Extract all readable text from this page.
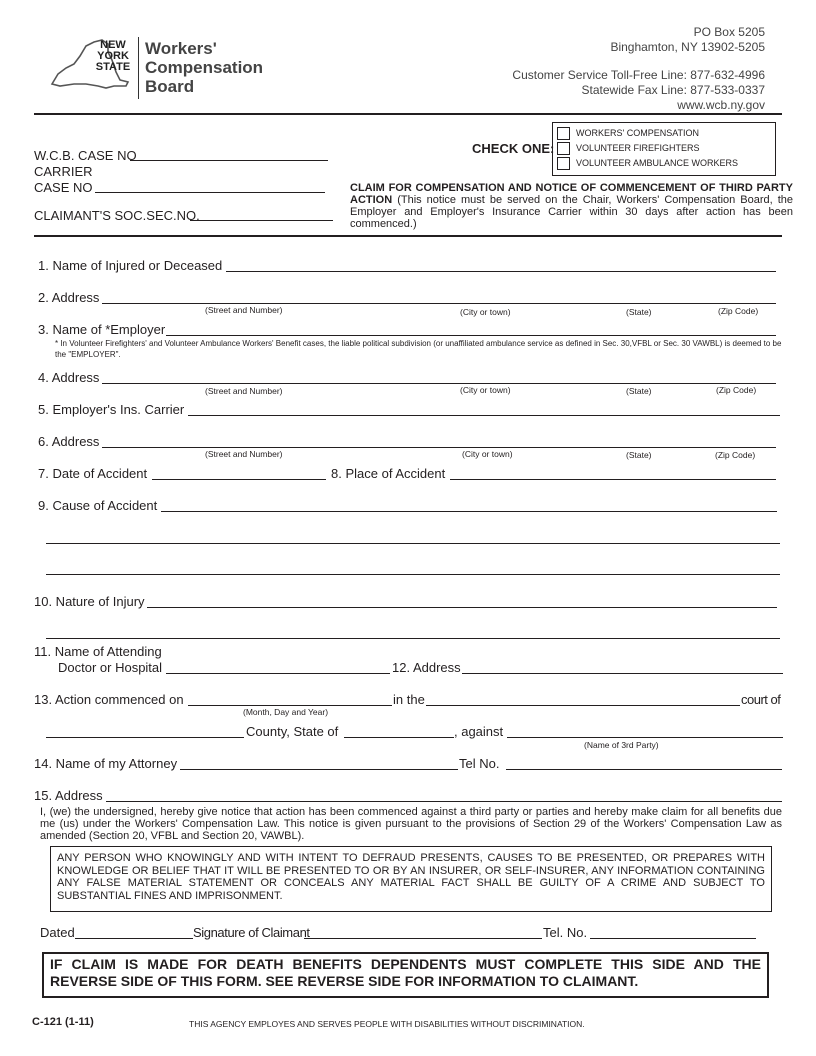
NEW
YORK
STATE
Workers'
Compensation
Board
PO Box 5205
Binghamton, NY 13902-5205
Customer Service Toll-Free Line: 877-632-4996
Statewide Fax Line: 877-533-0337
www.wcb.ny.gov
W.C.B. CASE NO
CARRIER
CASE NO
CLAIMANT'S SOC.SEC.NO.
CHECK ONE:
WORKERS' COMPENSATION
VOLUNTEER FIREFIGHTERS
VOLUNTEER AMBULANCE WORKERS
CLAIM FOR COMPENSATION AND NOTICE OF COMMENCEMENT OF THIRD PARTY ACTION (This notice must be served on the Chair, Workers' Compensation Board, the Employer and Employer's Insurance Carrier within 30 days after action has been commenced.)
1. Name of Injured or Deceased
2. Address
(Street and Number)	(City or town)	(State)	(Zip Code)
3. Name of *Employer
* In Volunteer Firefighters' and Volunteer Ambulance Workers' Benefit cases, the liable political subdivision (or unaffiliated ambulance service as defined in Sec. 30,VFBL or Sec. 30 VAWBL) is deemed to be the "EMPLOYER".
4. Address
(Street and Number)	(City or town)	(State)	(Zip Code)
5. Employer's Ins. Carrier
6. Address
(Street and Number)	(City or town)	(State)	(Zip Code)
7. Date of Accident	8. Place of Accident
9. Cause of Accident
10. Nature of Injury
11. Name of Attending
Doctor or Hospital	12. Address
13. Action commenced on
(Month, Day and Year)
in the	court of
County, State of	, against
(Name of 3rd Party)
14. Name of my Attorney	Tel No.
15. Address
I, (we) the undersigned, hereby give notice that action has been commenced against a third party or parties and hereby make claim for all benefits due me (us) under the Workers' Compensation Law. This notice is given pursuant to the provisions of Section 29 of the Workers' Compensation Law as amended (Section 20, VFBL and Section 20, VAWBL).
ANY PERSON WHO KNOWINGLY AND WITH INTENT TO DEFRAUD PRESENTS, CAUSES TO BE PRESENTED, OR PREPARES WITH KNOWLEDGE OR BELIEF THAT IT WILL BE PRESENTED TO OR BY AN INSURER, OR SELF-INSURER, ANY INFORMATION CONTAINING ANY FALSE MATERIAL STATEMENT OR CONCEALS ANY MATERIAL FACT SHALL BE GUILTY OF A CRIME AND SUBJECT TO SUBSTANTIAL FINES AND IMPRISONMENT.
Dated	Signature of Claimant	Tel. No.
IF CLAIM IS MADE FOR DEATH BENEFITS DEPENDENTS MUST COMPLETE THIS SIDE AND THE REVERSE SIDE OF THIS FORM. SEE REVERSE SIDE FOR INFORMATION TO CLAIMANT.
C-121 (1-11)	THIS AGENCY EMPLOYES AND SERVES PEOPLE WITH DISABILITIES WITHOUT DISCRIMINATION.
